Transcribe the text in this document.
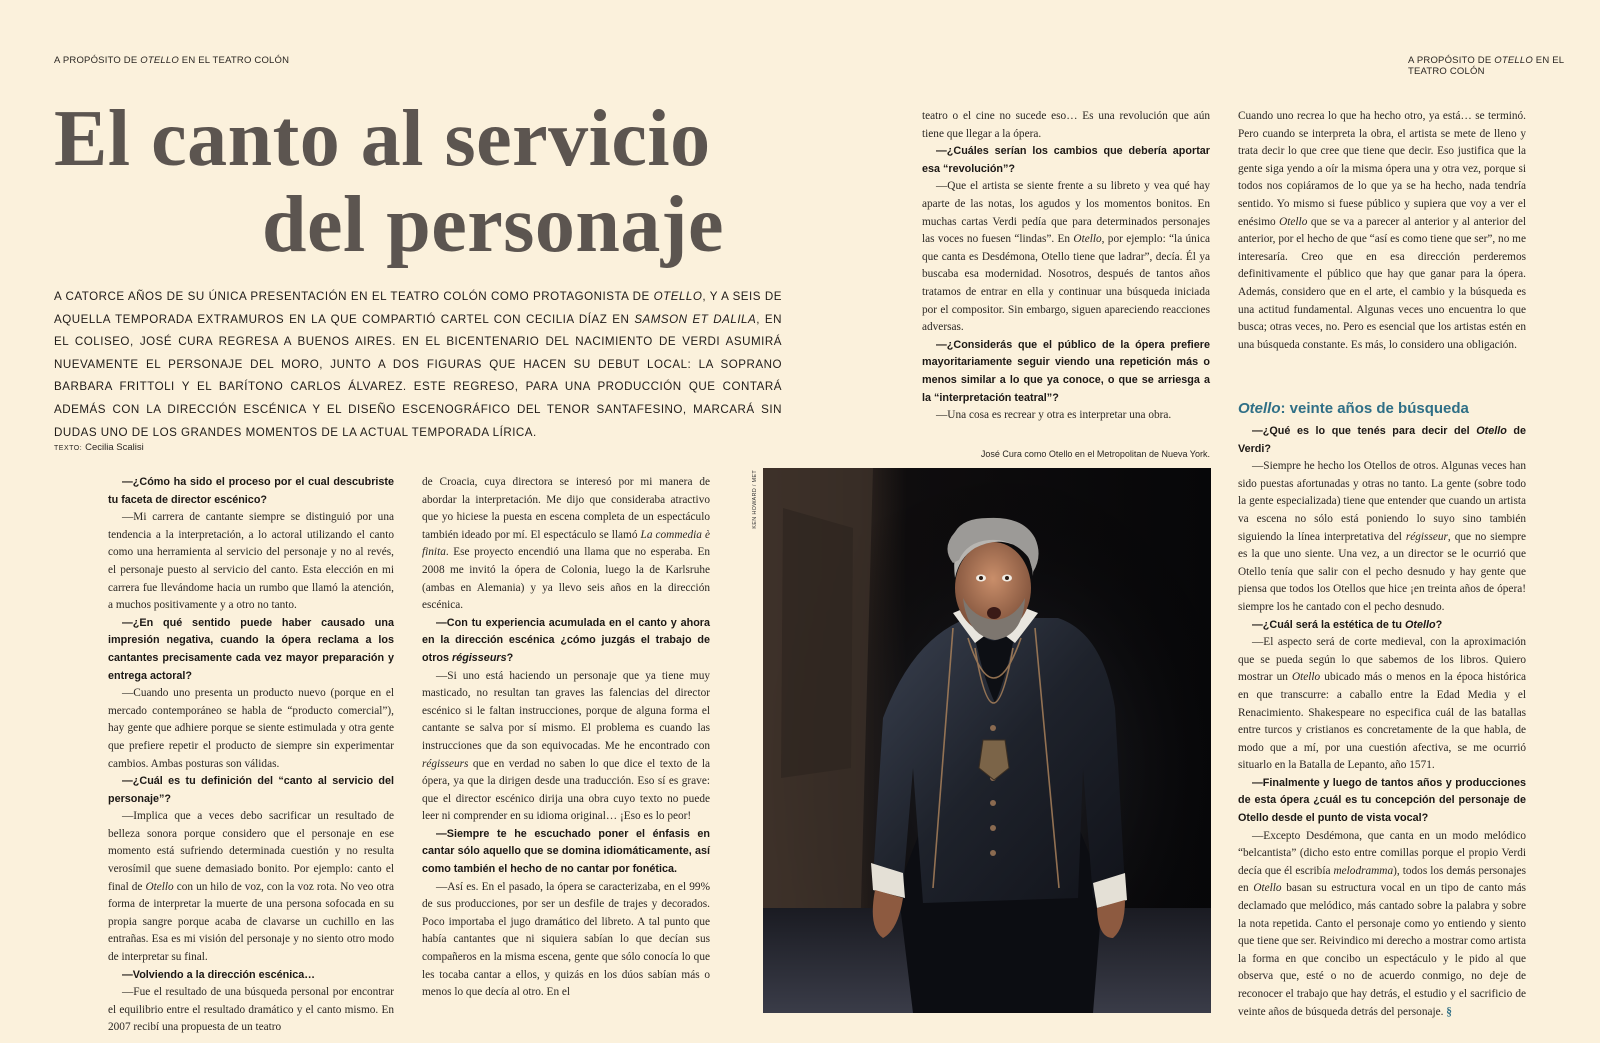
A PROPÓSITO DE OTELLO EN EL TEATRO COLÓN	A PROPÓSITO DE OTELLO EN EL TEATRO COLÓN
El canto al servicio
del personaje
A CATORCE AÑOS DE SU ÚNICA PRESENTACIÓN EN EL TEATRO COLÓN COMO PROTAGONISTA DE OTELLO, Y A SEIS DE AQUELLA TEMPORADA EXTRAMUROS EN LA QUE COMPARTIÓ CARTEL CON CECILIA DÍAZ EN SAMSON ET DALILA, EN EL COLISEO, JOSÉ CURA REGRESA A BUENOS AIRES. EN EL BICENTENARIO DEL NACIMIENTO DE VERDI ASUMIRÁ NUEVAMENTE EL PERSONAJE DEL MORO, JUNTO A DOS FIGURAS QUE HACEN SU DEBUT LOCAL: LA SOPRANO BARBARA FRITTOLI Y EL BARÍTONO CARLOS ÁLVAREZ. ESTE REGRESO, PARA UNA PRODUCCIÓN QUE CONTARÁ ADEMÁS CON LA DIRECCIÓN ESCÉNICA Y EL DISEÑO ESCENOGRÁFICO DEL TENOR SANTAFESINO, MARCARÁ SIN DUDAS UNO DE LOS GRANDES MOMENTOS DE LA ACTUAL TEMPORADA LÍRICA.
TEXTO: Cecilia Scalisi

—¿Cómo ha sido el proceso por el cual descubriste tu faceta de director escénico?

—Mi carrera de cantante siempre se distinguió por una tendencia a la interpretación, a lo actoral utilizando el canto como una herramienta al servicio del personaje y no al revés, el personaje puesto al servicio del canto. Esta elección en mi carrera fue llevándome hacia un rumbo que llamó la atención, a muchos positivamente y a otro no tanto.

—¿En qué sentido puede haber causado una impresión negativa, cuando la ópera reclama a los cantantes precisamente cada vez mayor preparación y entrega actoral?

—Cuando uno presenta un producto nuevo (porque en el mercado contemporáneo se habla de “producto comercial”), hay gente que adhiere porque se siente estimulada y otra gente que prefiere repetir el producto de siempre sin experimentar cambios. Ambas posturas son válidas.

—¿Cuál es tu definición del “canto al servicio del personaje”?

—Implica que a veces debo sacrificar un resultado de belleza sonora porque considero que el personaje en ese momento está sufriendo determinada cuestión y no resulta verosímil que suene demasiado bonito. Por ejemplo: canto el final de Otello con un hilo de voz, con la voz rota. No veo otra forma de interpretar la muerte de una persona sofocada en su propia sangre porque acaba de clavarse un cuchillo en las entrañas. Esa es mi visión del personaje y no siento otro modo de interpretar su final.

—Volviendo a la dirección escénica…

—Fue el resultado de una búsqueda personal por encontrar el equilibrio entre el resultado dramático y el canto mismo. En 2007 recibí una propuesta de un teatro

de Croacia, cuya directora se interesó por mi manera de abordar la interpretación. Me dijo que consideraba atractivo que yo hiciese la puesta en escena completa de un espectáculo también ideado por mí. El espectáculo se llamó La commedia è finita. Ese proyecto encendió una llama que no esperaba. En 2008 me invitó la ópera de Colonia, luego la de Karlsruhe (ambas en Alemania) y ya llevo seis años en la dirección escénica.

—Con tu experiencia acumulada en el canto y ahora en la dirección escénica ¿cómo juzgás el trabajo de otros régisseurs?

—Si uno está haciendo un personaje que ya tiene muy masticado, no resultan tan graves las falencias del director escénico si le faltan instrucciones, porque de alguna forma el cantante se salva por sí mismo. El problema es cuando las instrucciones que da son equivocadas. Me he encontrado con régisseurs que en verdad no saben lo que dice el texto de la ópera, ya que la dirigen desde una traducción. Eso sí es grave: que el director escénico dirija una obra cuyo texto no puede leer ni comprender en su idioma original… ¡Eso es lo peor!

—Siempre te he escuchado poner el énfasis en cantar sólo aquello que se domina idiomáticamente, así como también el hecho de no cantar por fonética.

—Así es. En el pasado, la ópera se caracterizaba, en el 99% de sus producciones, por ser un desfile de trajes y decorados. Poco importaba el jugo dramático del libreto. A tal punto que había cantantes que ni siquiera sabían lo que decían sus compañeros en la misma escena, gente que sólo conocía lo que les tocaba cantar a ellos, y quizás en los dúos sabían más o menos lo que decía al otro. En el

teatro o el cine no sucede eso… Es una revolución que aún tiene que llegar a la ópera.

—¿Cuáles serían los cambios que debería aportar esa “revolución”?

—Que el artista se siente frente a su libreto y vea qué hay aparte de las notas, los agudos y los momentos bonitos. En muchas cartas Verdi pedía que para determinados personajes las voces no fuesen “lindas”. En Otello, por ejemplo: “la única que canta es Desdémona, Otello tiene que ladrar”, decía. Él ya buscaba esa modernidad. Nosotros, después de tantos años tratamos de entrar en ella y continuar una búsqueda iniciada por el compositor. Sin embargo, siguen apareciendo reacciones adversas.

—¿Considerás que el público de la ópera prefiere mayoritariamente seguir viendo una repetición más o menos similar a lo que ya conoce, o que se arriesga a la “interpretación teatral”?

—Una cosa es recrear y otra es interpretar una obra.

Cuando uno recrea lo que ha hecho otro, ya está… se terminó. Pero cuando se interpreta la obra, el artista se mete de lleno y trata decir lo que cree que tiene que decir. Eso justifica que la gente siga yendo a oír la misma ópera una y otra vez, porque si todos nos copiáramos de lo que ya se ha hecho, nada tendría sentido. Yo mismo si fuese público y supiera que voy a ver el enésimo Otello que se va a parecer al anterior y al anterior del anterior, por el hecho de que “así es como tiene que ser”, no me interesaría. Creo que en esa dirección perderemos definitivamente el público que hay que ganar para la ópera. Además, considero que en el arte, el cambio y la búsqueda es una actitud fundamental. Algunas veces uno encuentra lo que busca; otras veces, no. Pero es esencial que los artistas estén en una búsqueda constante. Es más, lo considero una obligación.

Otello: veinte años de búsqueda

—¿Qué es lo que tenés para decir del Otello de Verdi?

—Siempre he hecho los Otellos de otros. Algunas veces han sido puestas afortunadas y otras no tanto. La gente (sobre todo la gente especializada) tiene que entender que cuando un artista va escena no sólo está poniendo lo suyo sino también siguiendo la línea interpretativa del régisseur, que no siempre es la que uno siente. Una vez, a un director se le ocurrió que Otello tenía que salir con el pecho desnudo y hay gente que piensa que todos los Otellos que hice ¡en treinta años de ópera! siempre los he cantado con el pecho desnudo.

—¿Cuál será la estética de tu Otello?

—El aspecto será de corte medieval, con la aproximación que se pueda según lo que sabemos de los libros. Quiero mostrar un Otello ubicado más o menos en la época histórica en que transcurre: a caballo entre la Edad Media y el Renacimiento. Shakespeare no especifica cuál de las batallas entre turcos y cristianos es concretamente de la que habla, de modo que a mí, por una cuestión afectiva, se me ocurrió situarlo en la Batalla de Lepanto, año 1571.

—Finalmente y luego de tantos años y producciones de esta ópera ¿cuál es tu concepción del personaje de Otello desde el punto de vista vocal?

—Excepto Desdémona, que canta en un modo melódico “belcantista” (dicho esto entre comillas porque el propio Verdi decía que él escribía melodramma), todos los demás personajes en Otello basan su estructura vocal en un tipo de canto más declamado que melódico, más cantado sobre la palabra y sobre la nota repetida. Canto el personaje como yo entiendo y siento que tiene que ser. Reivindico mi derecho a mostrar como artista la forma en que concibo un espectáculo y le pido al que observa que, esté o no de acuerdo conmigo, no deje de reconocer el trabajo que hay detrás, el estudio y el sacrificio de veinte años de búsqueda detrás del personaje. §

José Cura como Otello en el Metropolitan de Nueva York.
KEN HOWARD / MET
